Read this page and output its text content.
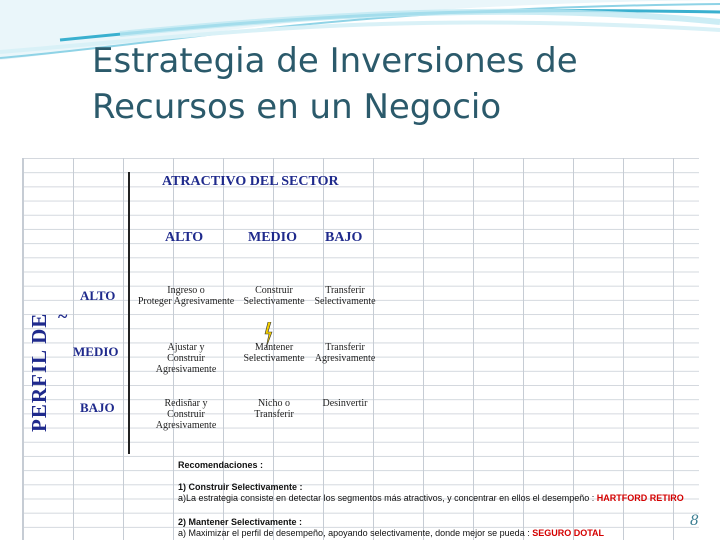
Estrategia de Inversiones de
Recursos en un Negocio
ATRACTIVO DEL SECTOR
ALTO	MEDIO BAJO
PERFIL DE ~
ALTO
MEDIO
BAJO
Ingreso o
Proteger Agresivamente
Construir
Selectivamente
Transferir
Selectivamente
Ajustar y
Construir
Agresivamente
Mantener
Selectivamente
Transferir
Agresivamente
Redisñar y
Construir
Agresivamente
Nicho o
Transferir
Desinvertir
Recomendaciones :
1) Construir Selectivamente :
a)La estrategia consiste en detectar los segmentos más atractivos, y concentrar en ellos el desempeño : HARTFORD RETIRO
2) Mantener Selectivamente :
a) Maximizar el perfil de desempeño, apoyando selectivamente, donde mejor se pueda : SEGURO DOTAL
8
